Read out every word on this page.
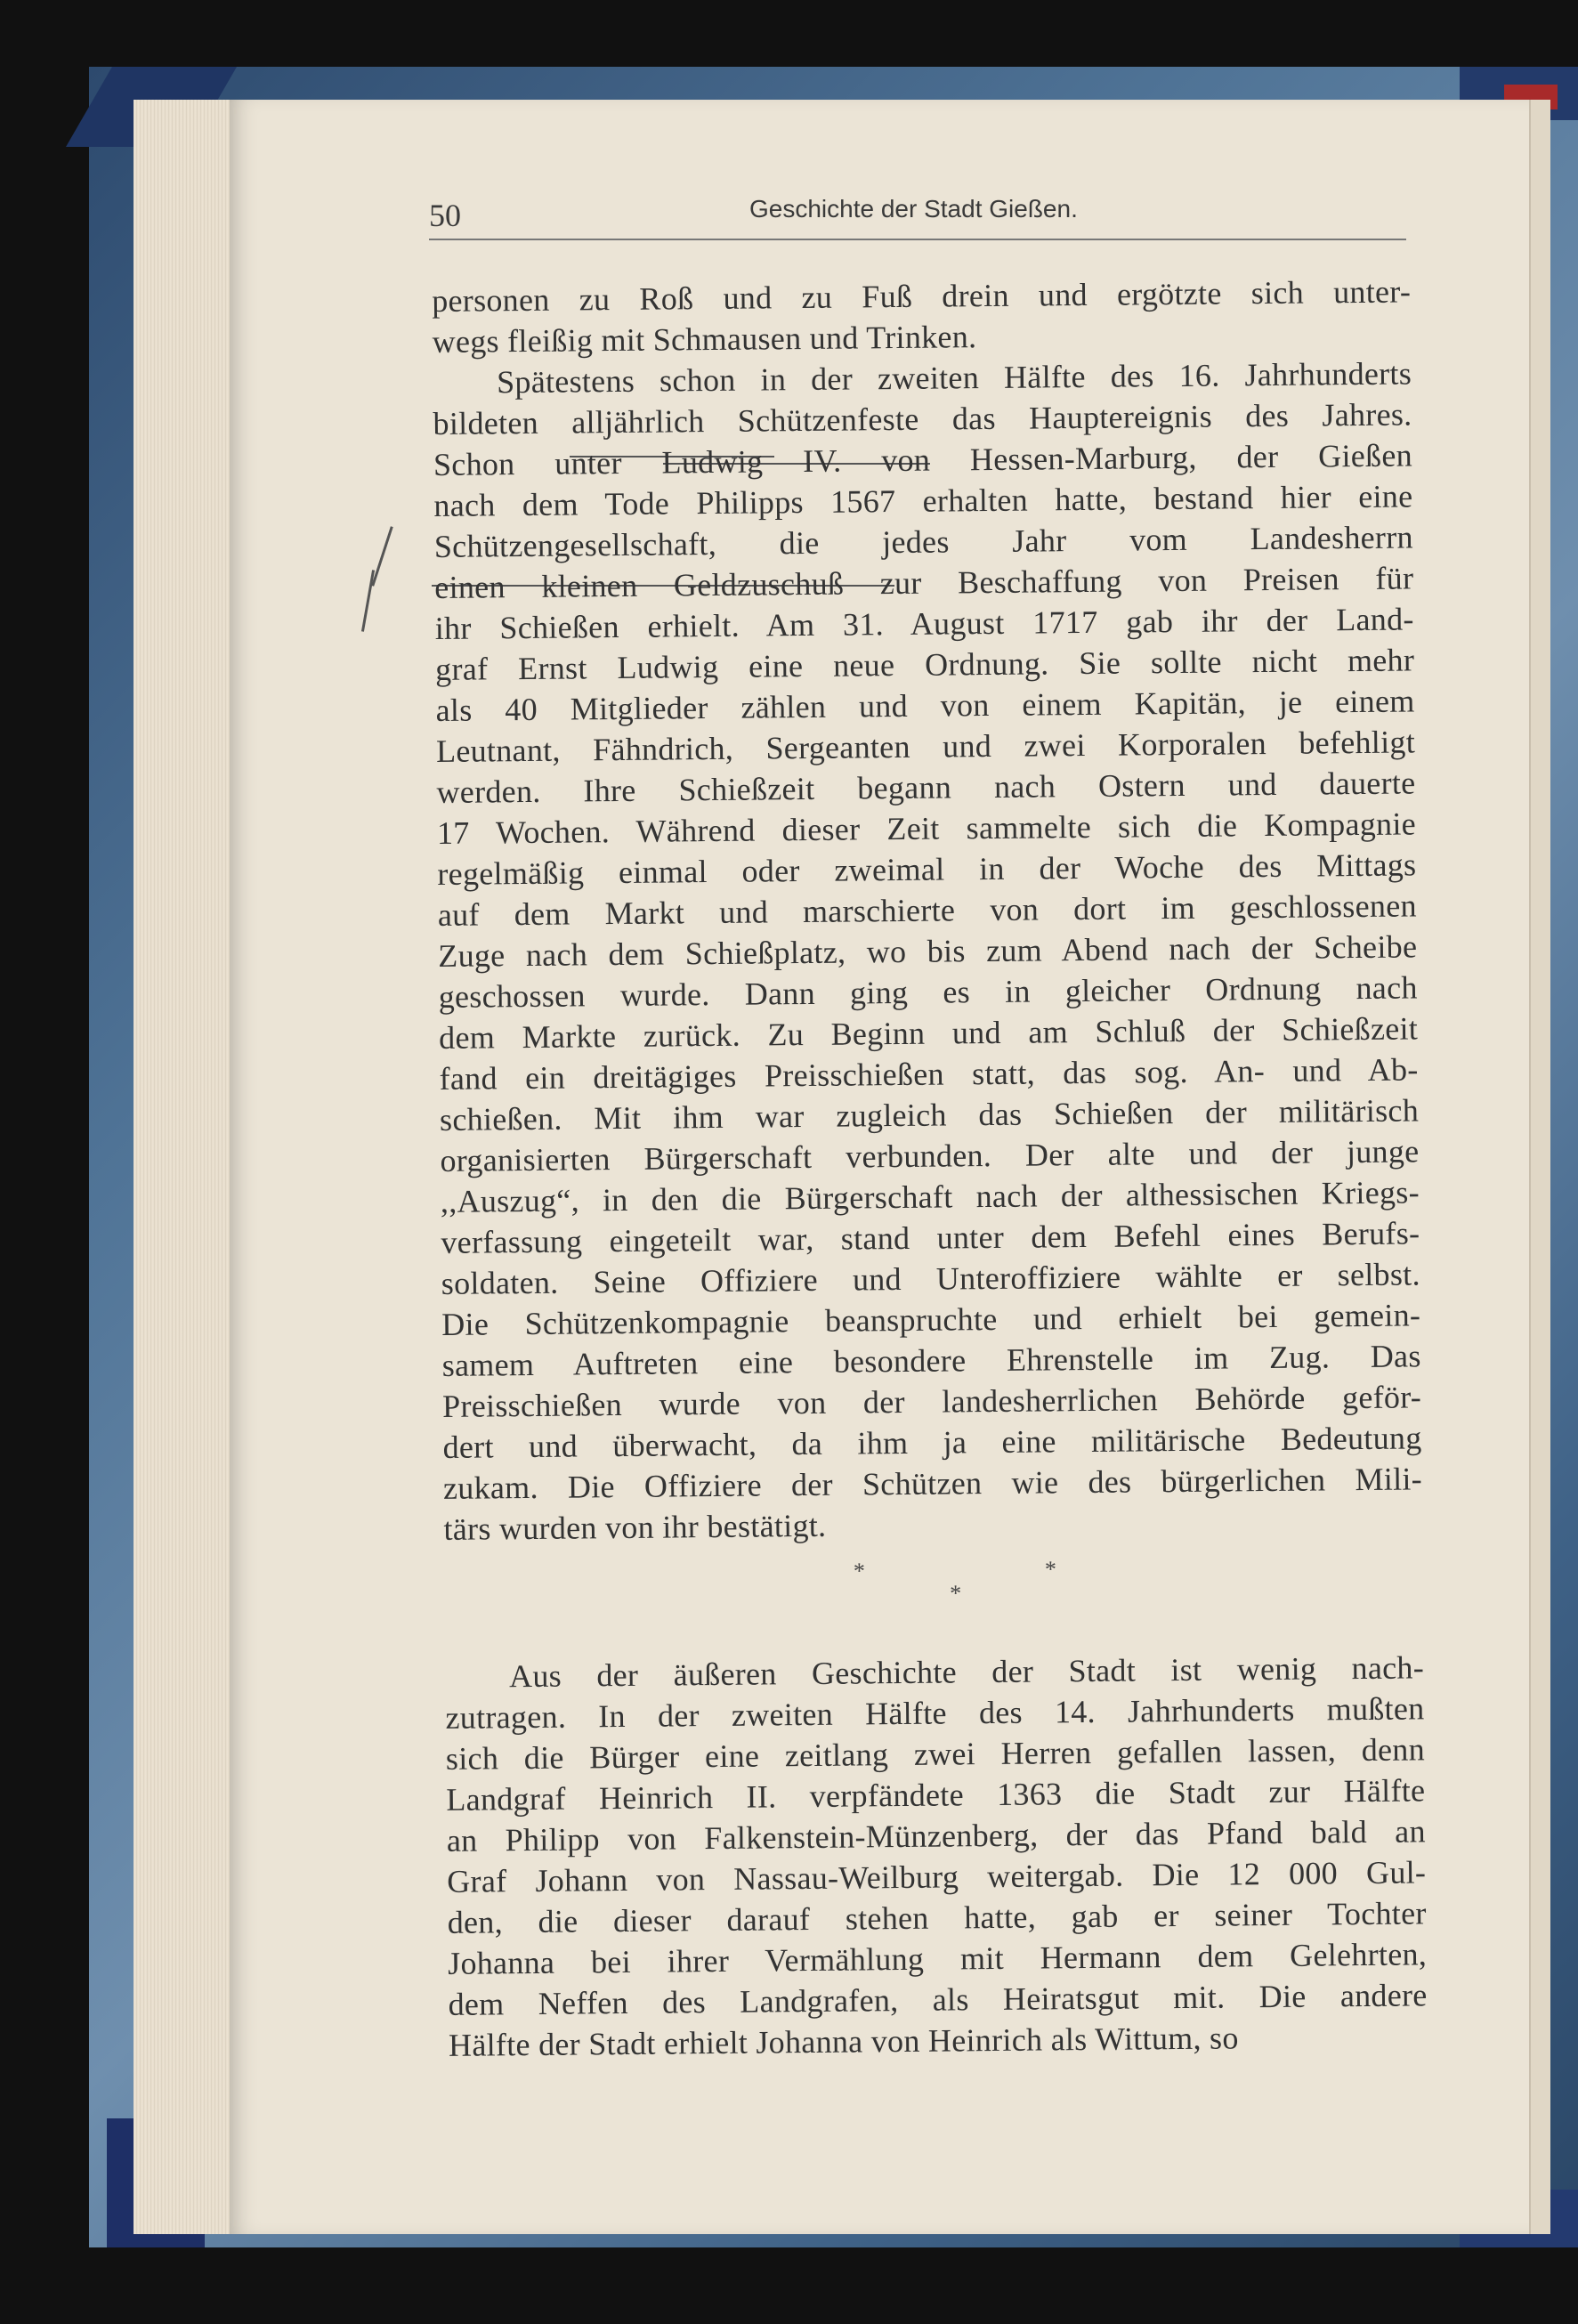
50	Geschichte der Stadt Gießen.
personen zu Roß und zu Fuß drein und ergötzte sich unter-
wegs fleißig mit Schmausen und Trinken.
Spätestens schon in der zweiten Hälfte des 16. Jahrhunderts
bildeten alljährlich Schützenfeste das Hauptereignis des Jahres.
Schon unter Ludwig IV. von Hessen-Marburg, der Gießen
nach dem Tode Philipps 1567 erhalten hatte, bestand hier eine
Schützengesellschaft, die jedes Jahr vom Landesherrn
einen kleinen Geldzuschuß zur Beschaffung von Preisen für
ihr Schießen erhielt. Am 31. August 1717 gab ihr der Land-
graf Ernst Ludwig eine neue Ordnung. Sie sollte nicht mehr
als 40 Mitglieder zählen und von einem Kapitän, je einem
Leutnant, Fähndrich, Sergeanten und zwei Korporalen befehligt
werden. Ihre Schießzeit begann nach Ostern und dauerte
17 Wochen. Während dieser Zeit sammelte sich die Kompagnie
regelmäßig einmal oder zweimal in der Woche des Mittags
auf dem Markt und marschierte von dort im geschlossenen
Zuge nach dem Schießplatz, wo bis zum Abend nach der Scheibe
geschossen wurde. Dann ging es in gleicher Ordnung nach
dem Markte zurück. Zu Beginn und am Schluß der Schießzeit
fand ein dreitägiges Preisschießen statt, das sog. An- und Ab-
schießen. Mit ihm war zugleich das Schießen der militärisch
organisierten Bürgerschaft verbunden. Der alte und der junge
,,Auszug“, in den die Bürgerschaft nach der althessischen Kriegs-
verfassung eingeteilt war, stand unter dem Befehl eines Berufs-
soldaten. Seine Offiziere und Unteroffiziere wählte er selbst.
Die Schützenkompagnie beanspruchte und erhielt bei gemein-
samem Auftreten eine besondere Ehrenstelle im Zug. Das
Preisschießen wurde von der landesherrlichen Behörde geför-
dert und überwacht, da ihm ja eine militärische Bedeutung
zukam. Die Offiziere der Schützen wie des bürgerlichen Mili-
tärs wurden von ihr bestätigt.
*	*
*
Aus der äußeren Geschichte der Stadt ist wenig nach-
zutragen. In der zweiten Hälfte des 14. Jahrhunderts mußten
sich die Bürger eine zeitlang zwei Herren gefallen lassen, denn
Landgraf Heinrich II. verpfändete 1363 die Stadt zur Hälfte
an Philipp von Falkenstein-Münzenberg, der das Pfand bald an
Graf Johann von Nassau-Weilburg weitergab. Die 12 000 Gul-
den, die dieser darauf stehen hatte, gab er seiner Tochter
Johanna bei ihrer Vermählung mit Hermann dem Gelehrten,
dem Neffen des Landgrafen, als Heiratsgut mit. Die andere
Hälfte der Stadt erhielt Johanna von Heinrich als Wittum, so
